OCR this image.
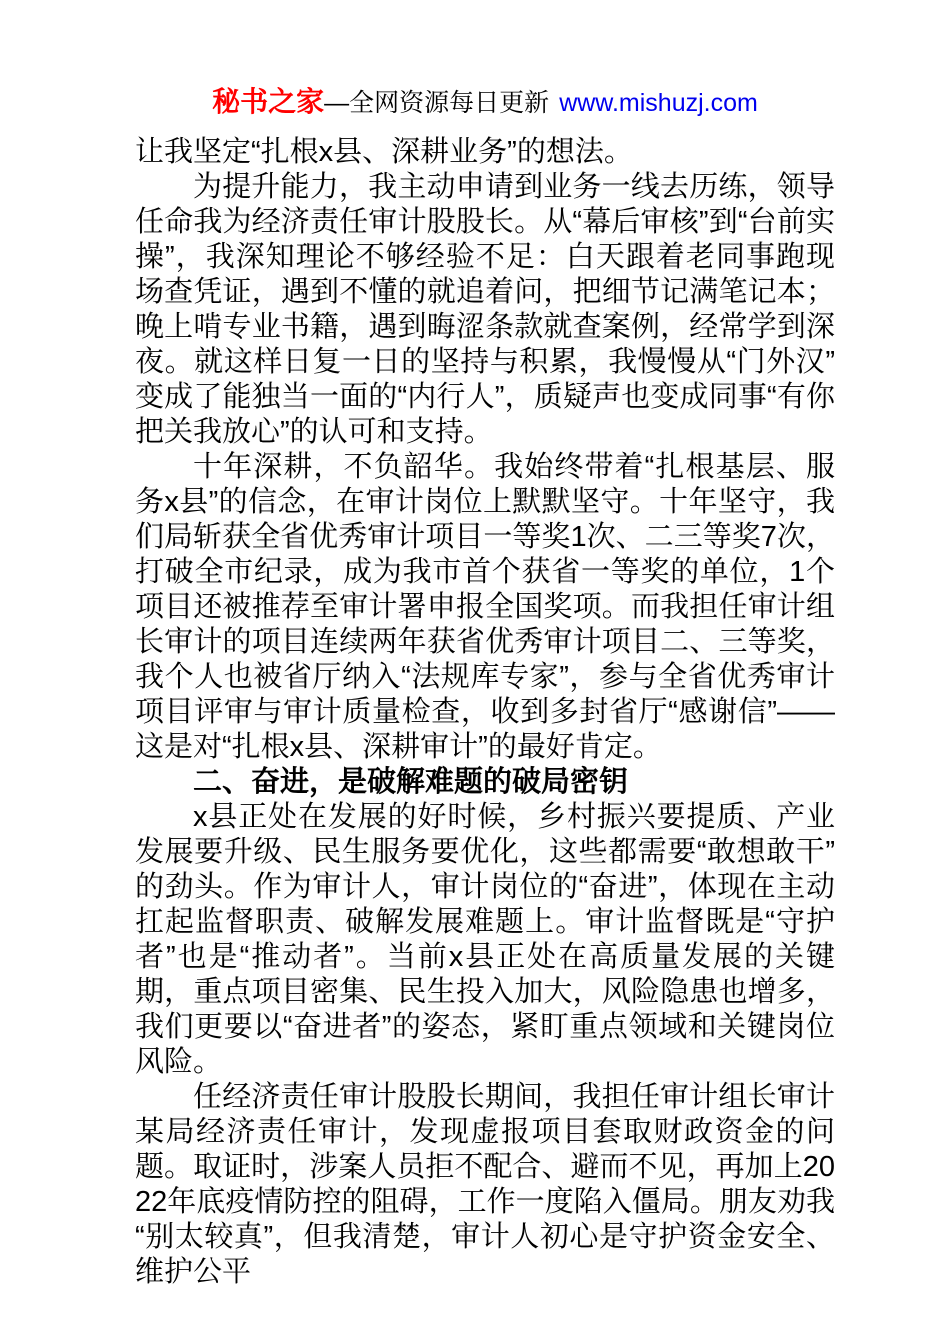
秘书之家—全网资源每日更新 www.mishuzj.com

让我坚定“扎根x县、深耕业务”的想法。

为提升能力，我主动申请到业务一线去历练，领导任命我为经济责任审计股股长。从“幕后审核”到“台前实操”，我深知理论不够经验不足：白天跟着老同事跑现场查凭证，遇到不懂的就追着问，把细节记满笔记本；晚上啃专业书籍，遇到晦涩条款就查案例，经常学到深夜。就这样日复一日的坚持与积累，我慢慢从“门外汉”变成了能独当一面的“内行人”，质疑声也变成同事“有你把关我放心”的认可和支持。

十年深耕，不负韶华。我始终带着“扎根基层、服务x县”的信念，在审计岗位上默默坚守。十年坚守，我们局斩获全省优秀审计项目一等奖1次、二三等奖7次，打破全市纪录，成为我市首个获省一等奖的单位，1个项目还被推荐至审计署申报全国奖项。而我担任审计组长审计的项目连续两年获省优秀审计项目二、三等奖，我个人也被省厅纳入“法规库专家”，参与全省优秀审计项目评审与审计质量检查，收到多封省厅“感谢信”——这是对“扎根x县、深耕审计”的最好肯定。

二、奋进，是破解难题的破局密钥

x县正处在发展的好时候，乡村振兴要提质、产业发展要升级、民生服务要优化，这些都需要“敢想敢干”的劲头。作为审计人，审计岗位的“奋进”，体现在主动扛起监督职责、破解发展难题上。审计监督既是“守护者”也是“推动者”。当前x县正处在高质量发展的关键期，重点项目密集、民生投入加大，风险隐患也增多，我们更要以“奋进者”的姿态，紧盯重点领域和关键岗位风险。

任经济责任审计股股长期间，我担任审计组长审计某局经济责任审计，发现虚报项目套取财政资金的问题。取证时，涉案人员拒不配合、避而不见，再加上2022年底疫情防控的阻碍，工作一度陷入僵局。朋友劝我“别太较真”，但我清楚，审计人初心是守护资金安全、维护公平
